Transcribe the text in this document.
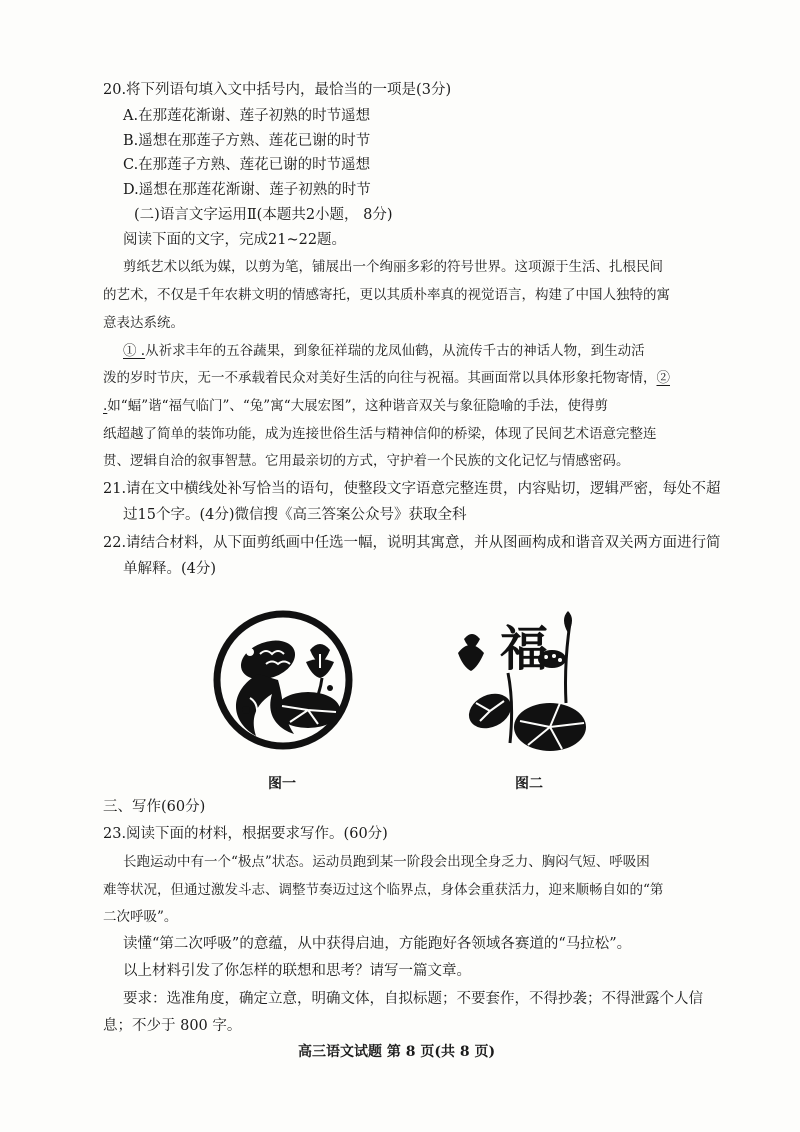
20.将下列语句填入文中括号内，最恰当的一项是(3分)
A.在那莲花渐谢、莲子初熟的时节遥想
B.遥想在那莲子方熟、莲花已谢的时节
C.在那莲子方熟、莲花已谢的时节遥想
D.遥想在那莲花渐谢、莲子初熟的时节
(二)语言文字运用Ⅱ(本题共2小题， 8分)
阅读下面的文字，完成21~22题。
剪纸艺术以纸为媒，以剪为笔，铺展出一个绚丽多彩的符号世界。这项源于生活、扎根民间
的艺术，不仅是千年农耕文明的情感寄托，更以其质朴率真的视觉语言，构建了中国人独特的寓
意表达系统。
① .从祈求丰年的五谷蔬果，到象征祥瑞的龙凤仙鹤，从流传千古的神话人物，到生动活
泼的岁时节庆，无一不承载着民众对美好生活的向往与祝福。其画面常以具体形象托物寄情，②
.如“蝠”谐“福气临门”、“兔”寓“大展宏图”，这种谐音双关与象征隐喻的手法，使得剪
纸超越了简单的装饰功能，成为连接世俗生活与精神信仰的桥梁，体现了民间艺术语意完整连
贯、逻辑自洽的叙事智慧。它用最亲切的方式，守护着一个民族的文化记忆与情感密码。
21.请在文中横线处补写恰当的语句，使整段文字语意完整连贯，内容贴切，逻辑严密，每处不超
过15个字。(4分)微信搜《高三答案公众号》获取全科
22.请结合材料，从下面剪纸画中任选一幅，说明其寓意，并从图画构成和谐音双关两方面进行简
单解释。(4分)
福
图一	图二
三、写作(60分)
23.阅读下面的材料，根据要求写作。(60分)
长跑运动中有一个“极点”状态。运动员跑到某一阶段会出现全身乏力、胸闷气短、呼吸困
难等状况，但通过激发斗志、调整节奏迈过这个临界点，身体会重获活力，迎来顺畅自如的“第
二次呼吸”。
读懂“第二次呼吸”的意蕴，从中获得启迪，方能跑好各领域各赛道的“马拉松”。
以上材料引发了你怎样的联想和思考？请写一篇文章。
要求：选准角度，确定立意，明确文体，自拟标题；不要套作，不得抄袭；不得泄露个人信
息；不少于 800 字。
高三语文试题 第 8 页(共 8 页)
